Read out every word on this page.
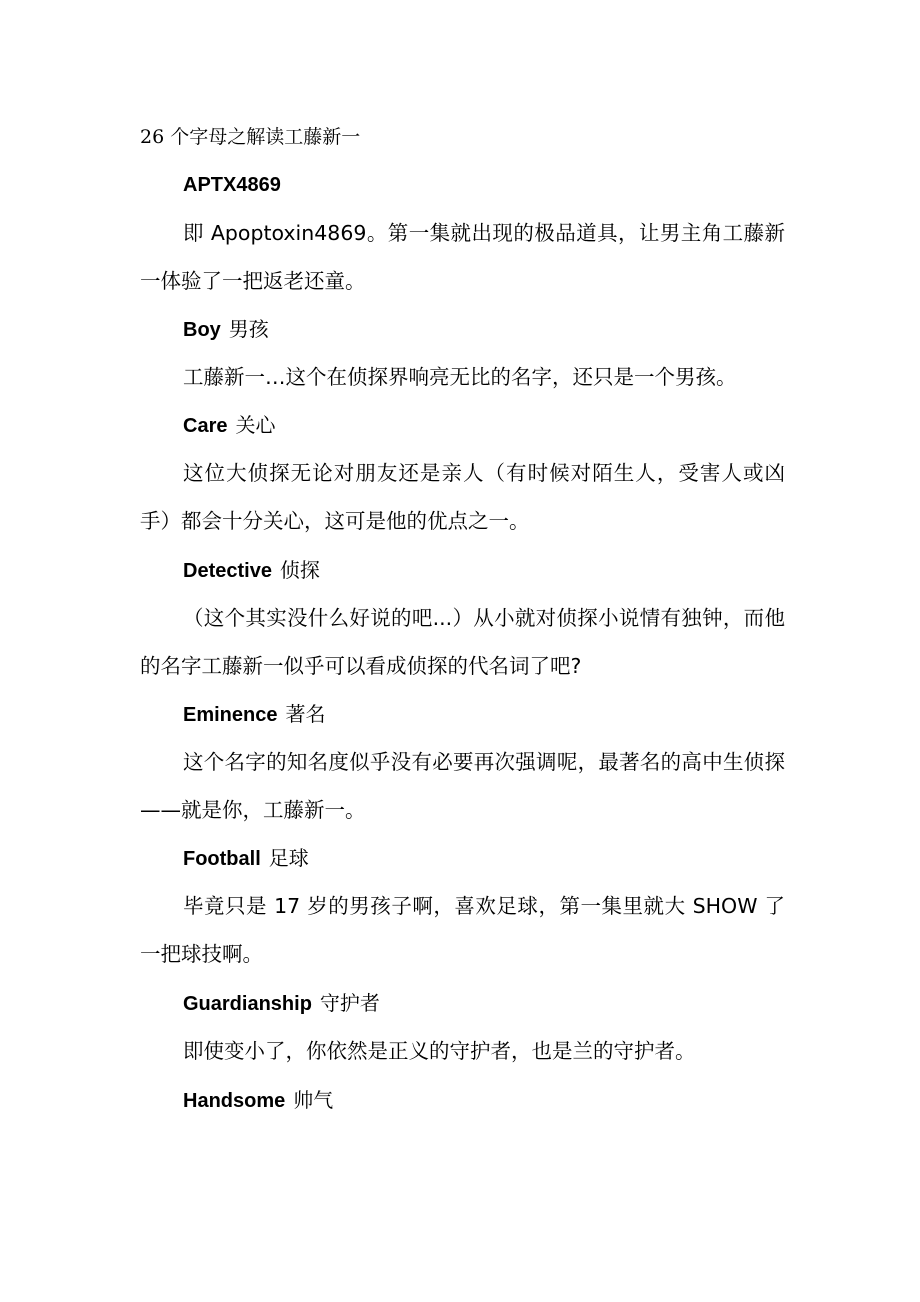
26 个字母之解读工藤新一
APTX4869

即 Apoptoxin4869。第一集就出现的极品道具，让男主角工藤新一体验了一把返老还童。

Boy 男孩

工藤新一…这个在侦探界响亮无比的名字，还只是一个男孩。

Care 关心

这位大侦探无论对朋友还是亲人（有时候对陌生人，受害人或凶手）都会十分关心，这可是他的优点之一。

Detective 侦探

（这个其实没什么好说的吧...）从小就对侦探小说情有独钟，而他的名字工藤新一似乎可以看成侦探的代名词了吧?

Eminence 著名

这个名字的知名度似乎没有必要再次强调呢，最著名的高中生侦探——就是你，工藤新一。

Football 足球

毕竟只是 17 岁的男孩子啊，喜欢足球，第一集里就大 SHOW 了一把球技啊。

Guardianship 守护者

即使变小了，你依然是正义的守护者，也是兰的守护者。

Handsome 帅气
